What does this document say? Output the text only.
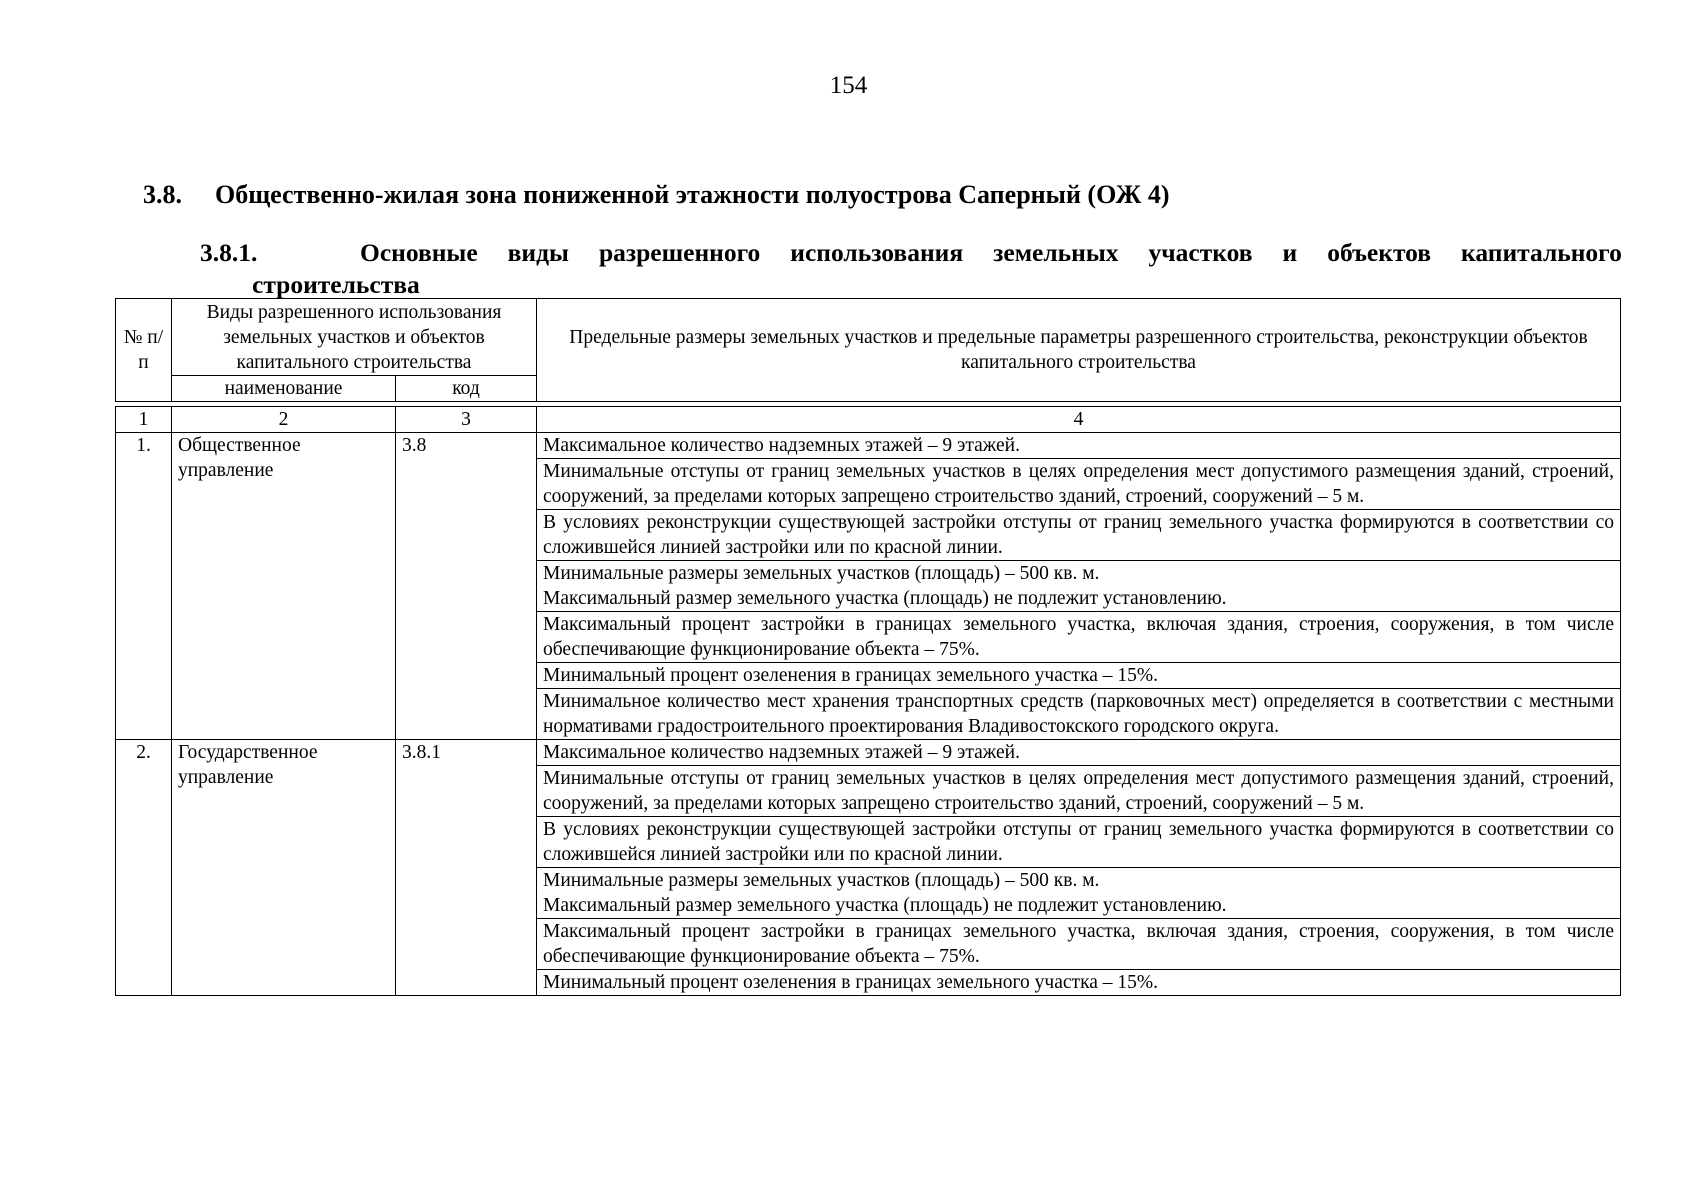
154
3.8. Общественно-жилая зона пониженной этажности полуострова Саперный (ОЖ 4)
3.8.1.	Основные виды разрешенного использования земельных участков и объектов капитального
строительства
№ п/п	Виды разрешенного использования земельных участков и объектов капитального строительства		Предельные размеры земельных участков и предельные параметры разрешенного строительства, реконструкции объектов капитального строительства
	наименование	код	
1	2	3	4
1.	Общественное управление	3.8	Максимальное количество надземных этажей – 9 этажей.
			Минимальные отступы от границ земельных участков в целях определения мест допустимого размещения зданий, строений, сооружений, за пределами которых запрещено строительство зданий, строений, сооружений – 5 м.
			В условиях реконструкции существующей застройки отступы от границ земельного участка формируются в соответствии со сложившейся линией застройки или по красной линии.
			Минимальные размеры земельных участков (площадь) – 500 кв. м.
Максимальный размер земельного участка (площадь) не подлежит установлению.
			Максимальный процент застройки в границах земельного участка, включая здания, строения, сооружения, в том числе обеспечивающие функционирование объекта – 75%.
			Минимальный процент озеленения в границах земельного участка – 15%.
			Минимальное количество мест хранения транспортных средств (парковочных мест) определяется в соответствии с местными нормативами градостроительного проектирования Владивостокского городского округа.
2.	Государственное управление	3.8.1	Максимальное количество надземных этажей – 9 этажей.
			Минимальные отступы от границ земельных участков в целях определения мест допустимого размещения зданий, строений, сооружений, за пределами которых запрещено строительство зданий, строений, сооружений – 5 м.
			В условиях реконструкции существующей застройки отступы от границ земельного участка формируются в соответствии со сложившейся линией застройки или по красной линии.
			Минимальные размеры земельных участков (площадь) – 500 кв. м.
Максимальный размер земельного участка (площадь) не подлежит установлению.
			Максимальный процент застройки в границах земельного участка, включая здания, строения, сооружения, в том числе обеспечивающие функционирование объекта – 75%.
			Минимальный процент озеленения в границах земельного участка – 15%.
